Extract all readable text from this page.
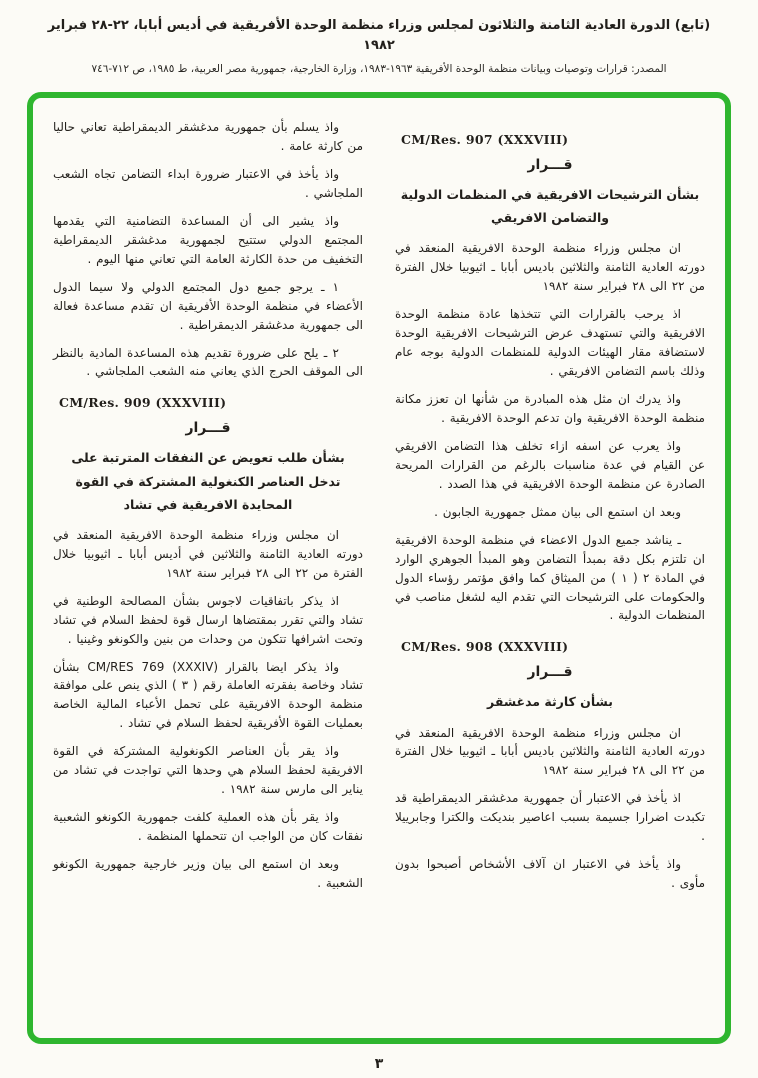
(تابع) الدورة العادية الثامنة والثلاثون لمجلس وزراء منظمة الوحدة الأفريقية في أديس أبابا، ٢٢-٢٨ فبراير ١٩٨٢
المصدر: قرارات وتوصيات وبيانات منظمة الوحدة الأفريقية ١٩٦٣-١٩٨٣، وزارة الخارجية، جمهورية مصر العربية، ط ١٩٨٥، ص ٧١٢-٧٤٦
CM/Res. 907 (XXXVIII)
قـــرار
بشأن الترشيحات الافريقية في المنظمات الدولية والتضامن الافريقي
ان مجلس وزراء منظمة الوحدة الافريقية المنعقد في دورته العادية الثامنة والثلاثين باديس أبابا ـ اثيوبيا خلال الفترة من ٢٢ الى ٢٨ فبراير سنة ١٩٨٢
اذ يرحب بالقرارات التي تتخذها عادة منظمة الوحدة الافريقية والتي تستهدف عرض الترشيحات الافريقية الوحدة لاستضافة مقار الهيئات الدولية للمنظمات الدولية بوجه عام وذلك باسم التضامن الافريقي .
واذ يدرك ان مثل هذه المبادرة من شأنها ان تعزز مكانة منظمة الوحدة الافريقية وان تدعم الوحدة الافريقية .
واذ يعرب عن اسفه ازاء تخلف هذا التضامن الافريقي عن القيام في عدة مناسبات بالرغم من القرارات المريحة الصادرة عن منظمة الوحدة الافريقية في هذا الصدد .
وبعد ان استمع الى بيان ممثل جمهورية الجابون .
ـ يناشد جميع الدول الاعضاء في منظمة الوحدة الافريقية ان تلتزم بكل دقة بمبدأ التضامن وهو المبدأ الجوهري الوارد في المادة ٢ ( ١ ) من الميثاق كما وافق مؤتمر رؤساء الدول والحكومات على الترشيحات التي تقدم اليه لشغل مناصب في المنظمات الدولية .
CM/Res. 908 (XXXVIII)
قـــرار
بشأن كارثة مدغشقر
ان مجلس وزراء منظمة الوحدة الافريقية المنعقد في دورته العادية الثامنة والثلاثين باديس أبابا ـ اثيوبيا خلال الفترة من ٢٢ الى ٢٨ فبراير سنة ١٩٨٢
اذ يأخذ في الاعتبار أن جمهورية مدغشقر الديمقراطية قد تكبدت اضرارا جسيمة بسبب اعاصير بنديكت والكترا وجابرييلا .
واذ يأخذ في الاعتبار ان آلاف الأشخاص أصبحوا بدون مأوى .
واذ يسلم بأن جمهورية مدغشقر الديمقراطية تعاني حاليا من كارثة عامة .
واذ يأخذ في الاعتبار ضرورة ابداء التضامن تجاه الشعب الملجاشي .
واذ يشير الى أن المساعدة التضامنية التي يقدمها المجتمع الدولي ستتيح لجمهورية مدغشقر الديمقراطية التخفيف من حدة الكارثة العامة التي تعاني منها اليوم .
١ ـ يرجو جميع دول المجتمع الدولي ولا سيما الدول الأعضاء في منظمة الوحدة الأفريقية ان تقدم مساعدة فعالة الى جمهورية مدغشقر الديمقراطية .
٢ ـ يلح على ضرورة تقديم هذه المساعدة المادية بالنظر الى الموقف الحرج الذي يعاني منه الشعب الملجاشي .
CM/Res. 909 (XXXVIII)
قـــرار
بشأن طلب تعويض عن النفقات المترتبة على تدخل العناصر الكنغولية المشتركة في القوة المحايدة الافريقية في تشاد
ان مجلس وزراء منظمة الوحدة الافريقية المنعقد في دورته العادية الثامنة والثلاثين في أديس أبابا ـ اثيوبيا خلال الفترة من ٢٢ الى ٢٨ فبراير سنة ١٩٨٢
اذ يذكر باتفاقيات لاجوس بشأن المصالحة الوطنية في تشاد والتي تقرر بمقتضاها ارسال قوة لحفظ السلام في تشاد وتحت اشرافها تتكون من وحدات من بنين والكونغو وغينيا .
واذ يذكر ايضا بالقرار CM/RES 769 (XXXIV) بشأن تشاد وخاصة بفقرته العاملة رقم ( ٣ ) الذي ينص على موافقة منظمة الوحدة الافريقية على تحمل الأعباء المالية الخاصة بعمليات القوة الأفريقية لحفظ السلام في تشاد .
واذ يقر بأن العناصر الكونغولية المشتركة في القوة الافريقية لحفظ السلام هي وحدها التي تواجدت في تشاد من يناير الى مارس سنة ١٩٨٢ .
واذ يقر بأن هذه العملية كلفت جمهورية الكونغو الشعبية نفقات كان من الواجب ان تتحملها المنظمة .
وبعد ان استمع الى بيان وزير خارجية جمهورية الكونغو الشعبية .
٣
